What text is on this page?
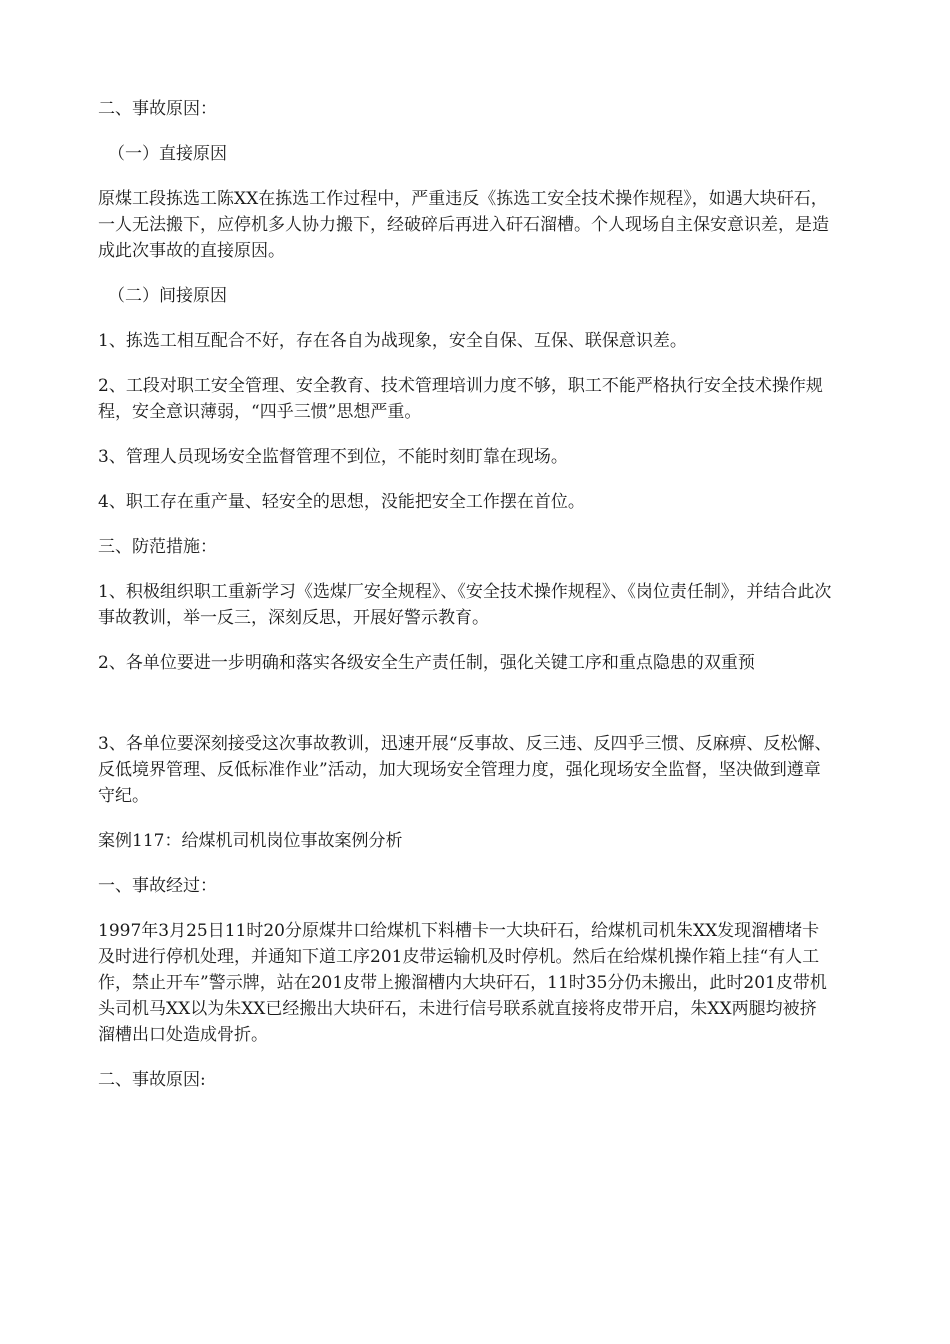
二、事故原因：

（一）直接原因

原煤工段拣选工陈XX在拣选工作过程中，严重违反《拣选工安全技术操作规程》，如遇大块矸石，一人无法搬下，应停机多人协力搬下，经破碎后再进入矸石溜槽。个人现场自主保安意识差，是造成此次事故的直接原因。

（二）间接原因

1、拣选工相互配合不好，存在各自为战现象，安全自保、互保、联保意识差。

2、工段对职工安全管理、安全教育、技术管理培训力度不够，职工不能严格执行安全技术操作规程，安全意识薄弱，“四乎三惯”思想严重。

3、管理人员现场安全监督管理不到位，不能时刻盯靠在现场。

4、职工存在重产量、轻安全的思想，没能把安全工作摆在首位。

三、防范措施：

1、积极组织职工重新学习《选煤厂安全规程》、《安全技术操作规程》、《岗位责任制》，并结合此次事故教训，举一反三，深刻反思，开展好警示教育。

2、各单位要进一步明确和落实各级安全生产责任制，强化关键工序和重点隐患的双重预

3、各单位要深刻接受这次事故教训，迅速开展“反事故、反三违、反四乎三惯、反麻痹、反松懈、反低境界管理、反低标准作业”活动，加大现场安全管理力度，强化现场安全监督，坚决做到遵章守纪。

案例117：给煤机司机岗位事故案例分析

一、事故经过：

1997年3月25日11时20分原煤井口给煤机下料槽卡一大块矸石，给煤机司机朱XX发现溜槽堵卡及时进行停机处理，并通知下道工序201皮带运输机及时停机。然后在给煤机操作箱上挂“有人工作，禁止开车”警示牌，站在201皮带上搬溜槽内大块矸石，11时35分仍未搬出，此时201皮带机头司机马XX以为朱XX已经搬出大块矸石，未进行信号联系就直接将皮带开启，朱XX两腿均被挤溜槽出口处造成骨折。

二、事故原因:
